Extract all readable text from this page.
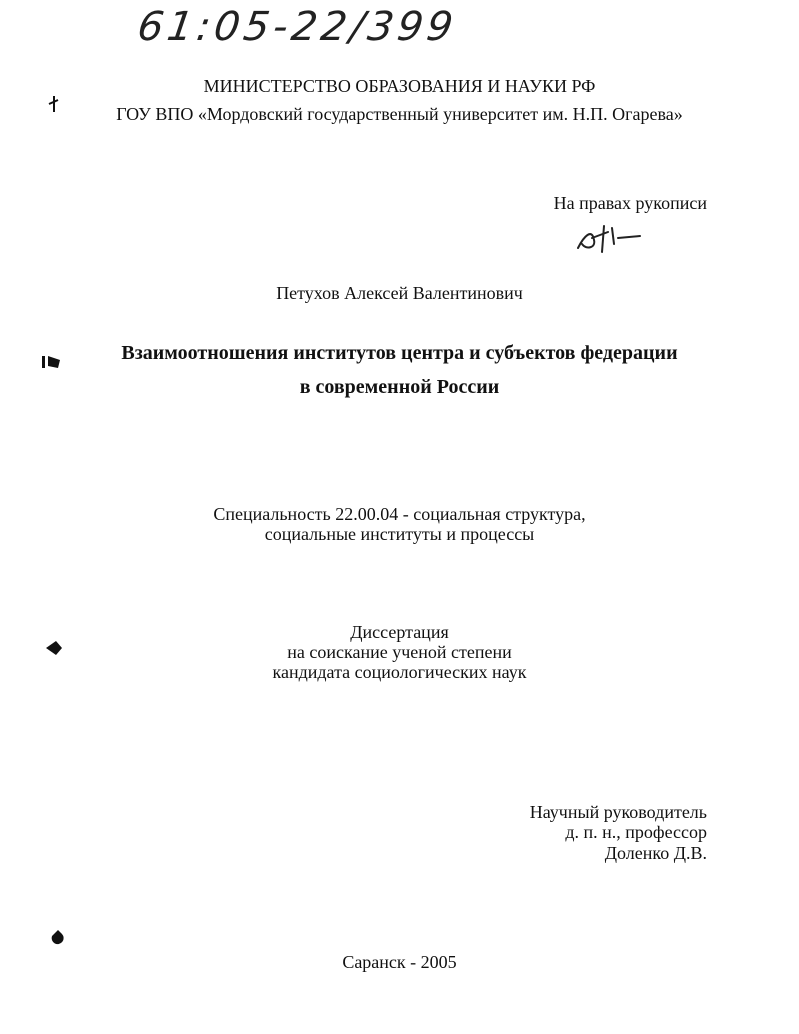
61:05-22/399
МИНИСТЕРСТВО ОБРАЗОВАНИЯ И НАУКИ РФ
ГОУ ВПО «Мордовский государственный университет им. Н.П. Огарева»
На правах рукописи
Петухов Алексей Валентинович
Взаимоотношения институтов центра и субъектов федерации
в современной России
Специальность 22.00.04 - социальная структура,
социальные институты и процессы
Диссертация
на соискание ученой степени
кандидата социологических наук
Научный руководитель
д. п. н., профессор
Доленко Д.В.
Саранск - 2005
